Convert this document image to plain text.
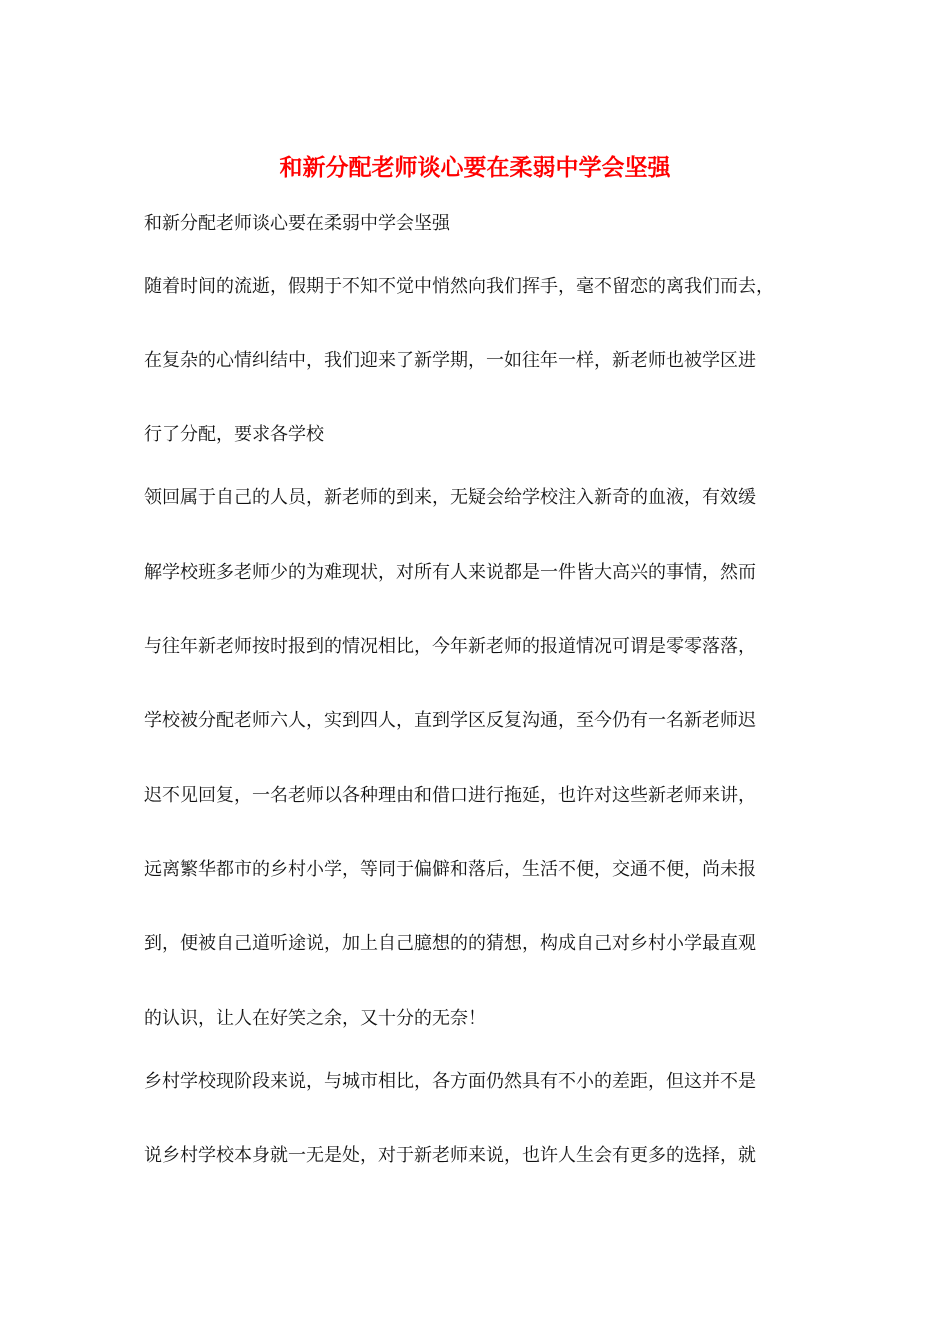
和新分配老师谈心要在柔弱中学会坚强

和新分配老师谈心要在柔弱中学会坚强

随着时间的流逝，假期于不知不觉中悄然向我们挥手，毫不留恋的离我们而去，

在复杂的心情纠结中，我们迎来了新学期，一如往年一样，新老师也被学区进

行了分配，要求各学校

领回属于自己的人员，新老师的到来，无疑会给学校注入新奇的血液，有效缓

解学校班多老师少的为难现状，对所有人来说都是一件皆大高兴的事情，然而

与往年新老师按时报到的情况相比，今年新老师的报道情况可谓是零零落落，

学校被分配老师六人，实到四人，直到学区反复沟通，至今仍有一名新老师迟

迟不见回复，一名老师以各种理由和借口进行拖延，也许对这些新老师来讲，

远离繁华都市的乡村小学，等同于偏僻和落后，生活不便，交通不便，尚未报

到，便被自己道听途说，加上自己臆想的的猜想，构成自己对乡村小学最直观

的认识，让人在好笑之余，又十分的无奈！

乡村学校现阶段来说，与城市相比，各方面仍然具有不小的差距，但这并不是

说乡村学校本身就一无是处，对于新老师来说，也许人生会有更多的选择，就
